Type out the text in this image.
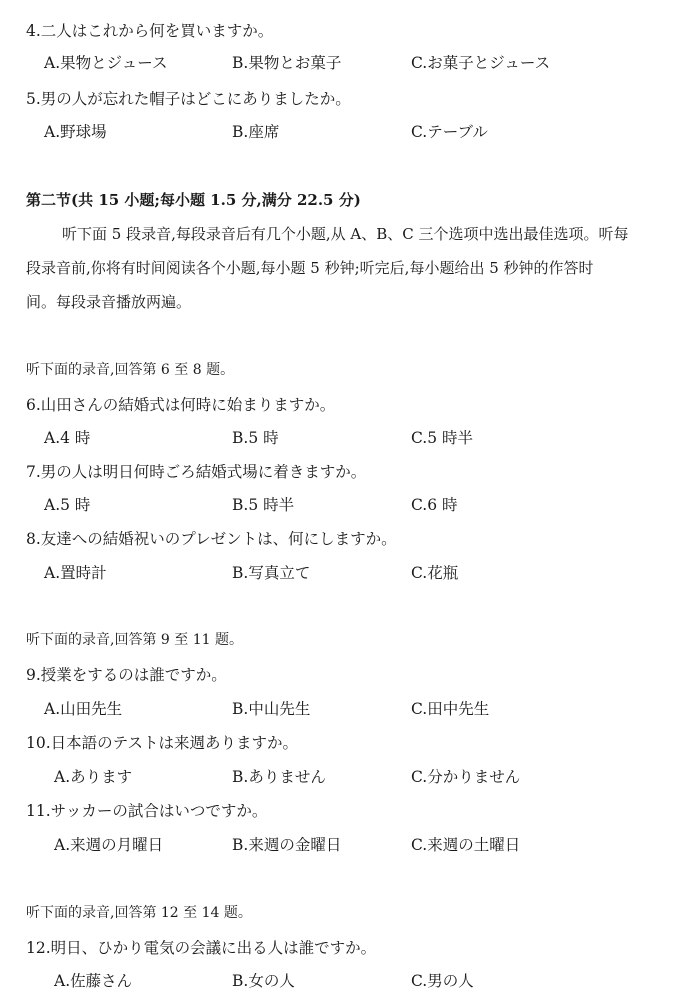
4.二人はこれから何を買いますか。
A.果物とジュース	B.果物とお菓子	C.お菓子とジュース
5.男の人が忘れた帽子はどこにありましたか。
A.野球場	B.座席	C.テーブル
第二节(共 15 小题;每小题 1.5 分,满分 22.5 分)
听下面 5 段录音,每段录音后有几个小题,从 A、B、C 三个选项中选出最佳选项。听每
段录音前,你将有时间阅读各个小题,每小题 5 秒钟;听完后,每小题给出 5 秒钟的作答时
间。每段录音播放两遍。
听下面的录音,回答第 6 至 8 题。
6.山田さんの結婚式は何時に始まりますか。
A.4 時	B.5 時	C.5 時半
7.男の人は明日何時ごろ結婚式場に着きますか。
A.5 時	B.5 時半	C.6 時
8.友達への結婚祝いのプレゼントは、何にしますか。
A.置時計	B.写真立て	C.花瓶
听下面的录音,回答第 9 至 11 题。
9.授業をするのは誰ですか。
A.山田先生	B.中山先生	C.田中先生
10.日本語のテストは来週ありますか。
A.あります	B.ありません	C.分かりません
11.サッカーの試合はいつですか。
A.来週の月曜日	B.来週の金曜日	C.来週の土曜日
听下面的录音,回答第 12 至 14 题。
12.明日、ひかり電気の会議に出る人は誰ですか。
A.佐藤さん	B.女の人	C.男の人
